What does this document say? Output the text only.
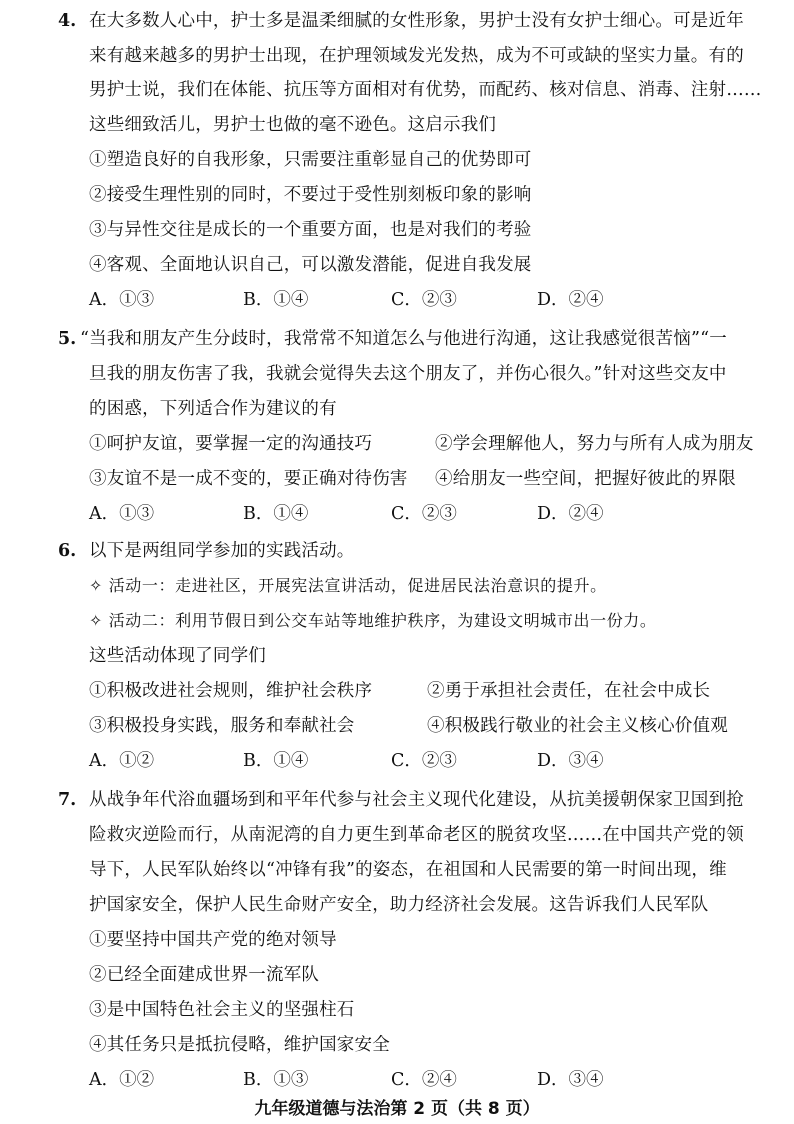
4. 在大多数人心中，护士多是温柔细腻的女性形象，男护士没有女护士细心。可是近年
来有越来越多的男护士出现，在护理领域发光发热，成为不可或缺的坚实力量。有的
男护士说，我们在体能、抗压等方面相对有优势，而配药、核对信息、消毒、注射……
这些细致活儿，男护士也做的毫不逊色。这启示我们
①塑造良好的自我形象，只需要注重彰显自己的优势即可
②接受生理性别的同时，不要过于受性别刻板印象的影响
③与异性交往是成长的一个重要方面，也是对我们的考验
④客观、全面地认识自己，可以激发潜能，促进自我发展
A．①③	B．①④	C．②③	D．②④
5. “当我和朋友产生分歧时，我常常不知道怎么与他进行沟通，这让我感觉很苦恼”“一
旦我的朋友伤害了我，我就会觉得失去这个朋友了，并伤心很久。”针对这些交友中
的困惑，下列适合作为建议的有
①呵护友谊，要掌握一定的沟通技巧	②学会理解他人，努力与所有人成为朋友
③友谊不是一成不变的，要正确对待伤害 ④给朋友一些空间，把握好彼此的界限
A．①③	B．①④	C．②③	D．②④
6. 以下是两组同学参加的实践活动。
✧ 活动一：走进社区，开展宪法宣讲活动，促进居民法治意识的提升。
✧ 活动二：利用节假日到公交车站等地维护秩序，为建设文明城市出一份力。
这些活动体现了同学们
①积极改进社会规则，维护社会秩序	②勇于承担社会责任，在社会中成长
③积极投身实践，服务和奉献社会	④积极践行敬业的社会主义核心价值观
A．①②	B．①④	C．②③	D．③④
7. 从战争年代浴血疆场到和平年代参与社会主义现代化建设，从抗美援朝保家卫国到抢
险救灾逆险而行，从南泥湾的自力更生到革命老区的脱贫攻坚……在中国共产党的领
导下，人民军队始终以“冲锋有我”的姿态，在祖国和人民需要的第一时间出现，维
护国家安全，保护人民生命财产安全，助力经济社会发展。这告诉我们人民军队
①要坚持中国共产党的绝对领导
②已经全面建成世界一流军队
③是中国特色社会主义的坚强柱石
④其任务只是抵抗侵略，维护国家安全
A．①②	B．①③	C．②④	D．③④
九年级道德与法治第 2 页（共 8 页）
